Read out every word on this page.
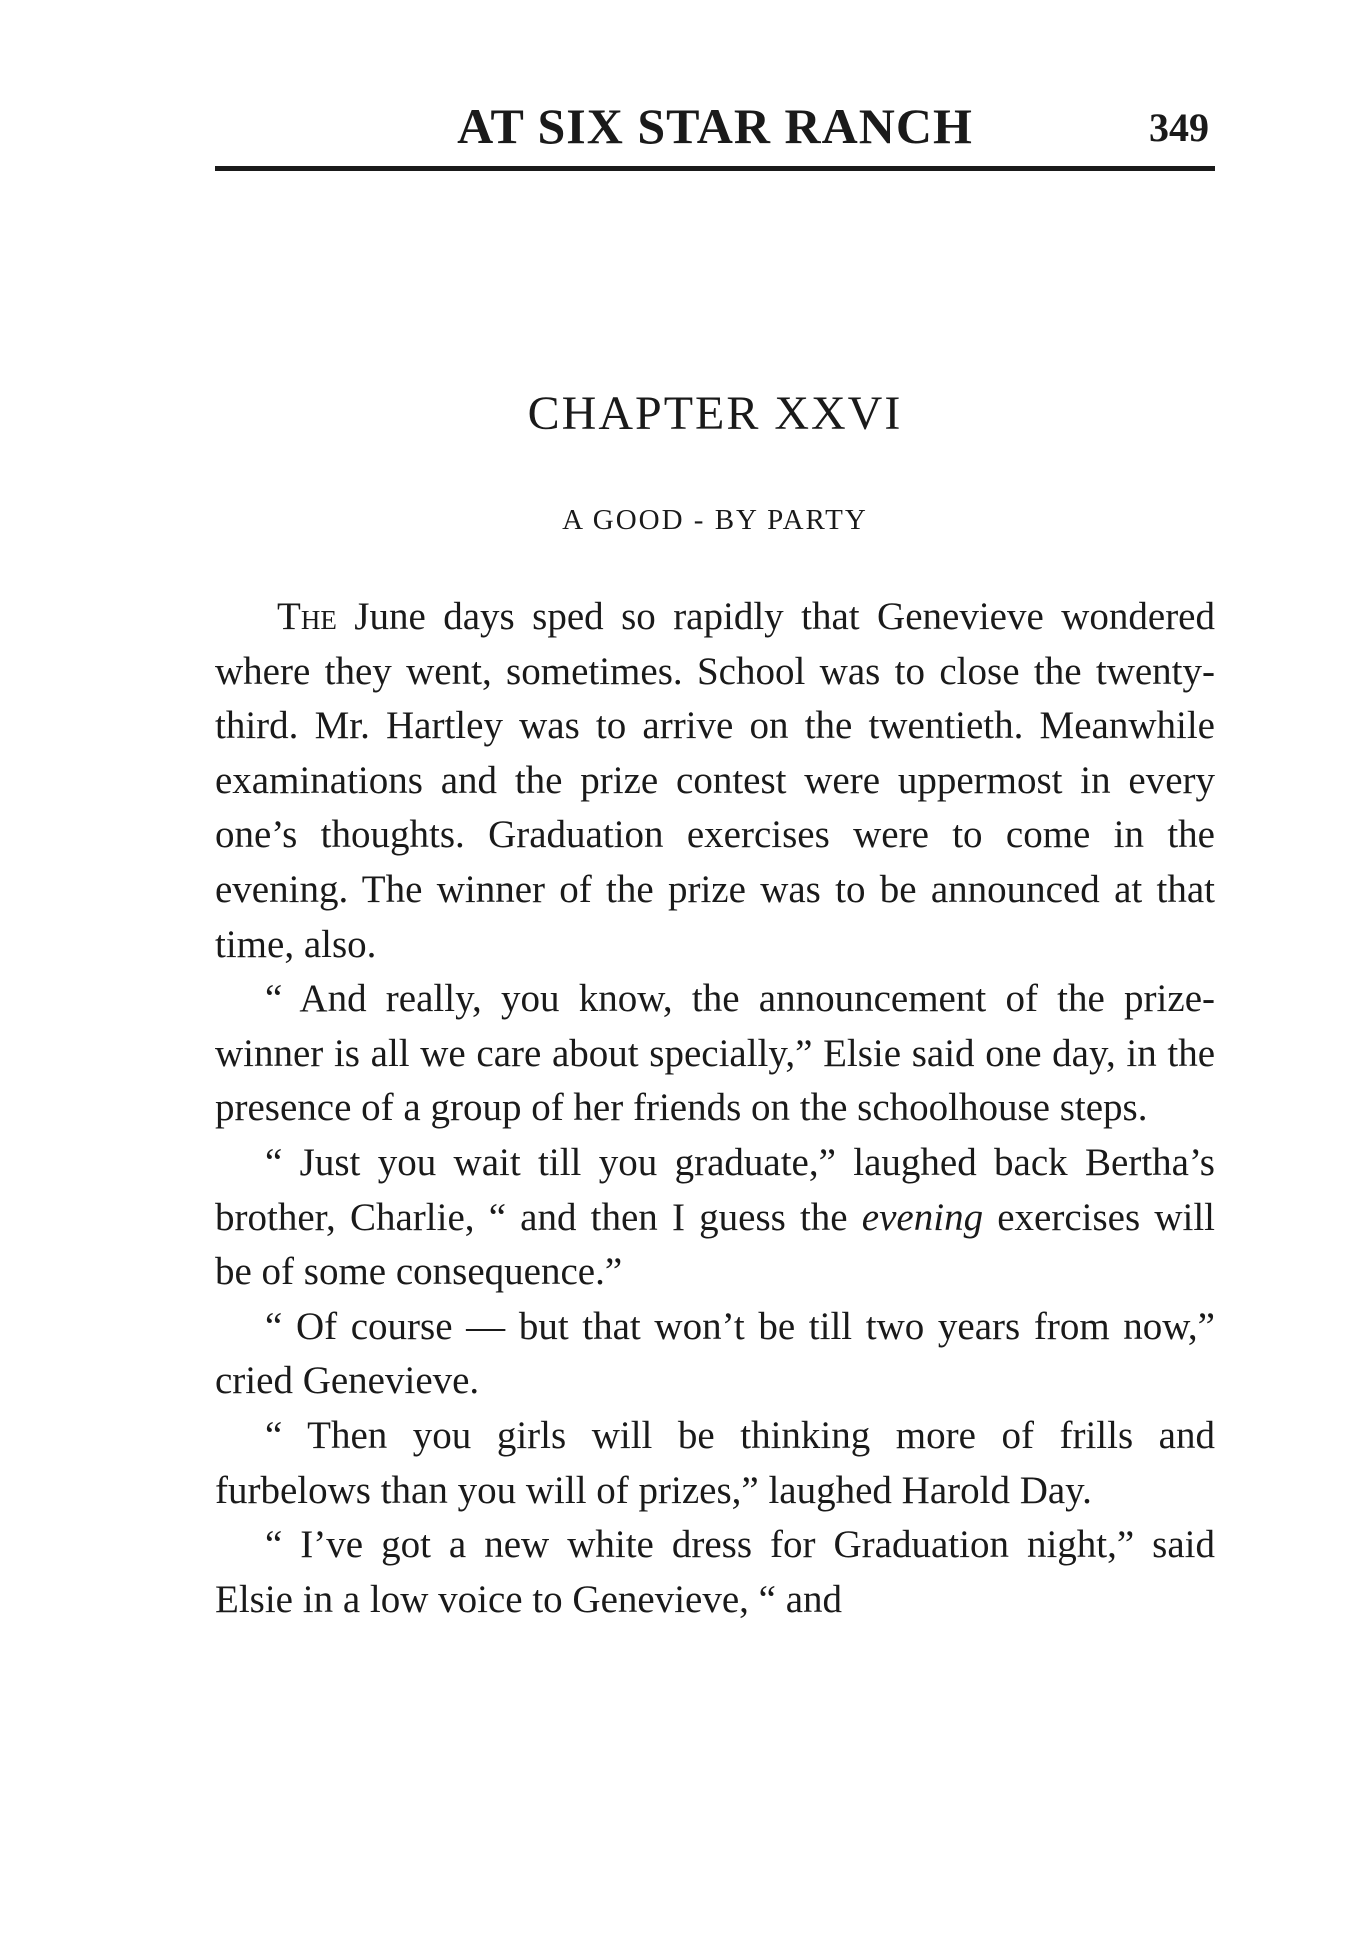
AT SIX STAR RANCH	349
CHAPTER XXVI
A GOOD - BY PARTY

The June days sped so rapidly that Genevieve wondered where they went, sometimes. School was to close the twenty-third. Mr. Hartley was to arrive on the twentieth. Meanwhile examinations and the prize contest were uppermost in every one’s thoughts. Graduation exercises were to come in the evening. The winner of the prize was to be announced at that time, also.

“ And really, you know, the announcement of the prize-winner is all we care about specially,” Elsie said one day, in the presence of a group of her friends on the schoolhouse steps.

“ Just you wait till you graduate,” laughed back Bertha’s brother, Charlie, “ and then I guess the evening exercises will be of some consequence.”

“ Of course — but that won’t be till two years from now,” cried Genevieve.

“ Then you girls will be thinking more of frills and furbelows than you will of prizes,” laughed Harold Day.

“ I’ve got a new white dress for Graduation night,” said Elsie in a low voice to Genevieve, “ and
